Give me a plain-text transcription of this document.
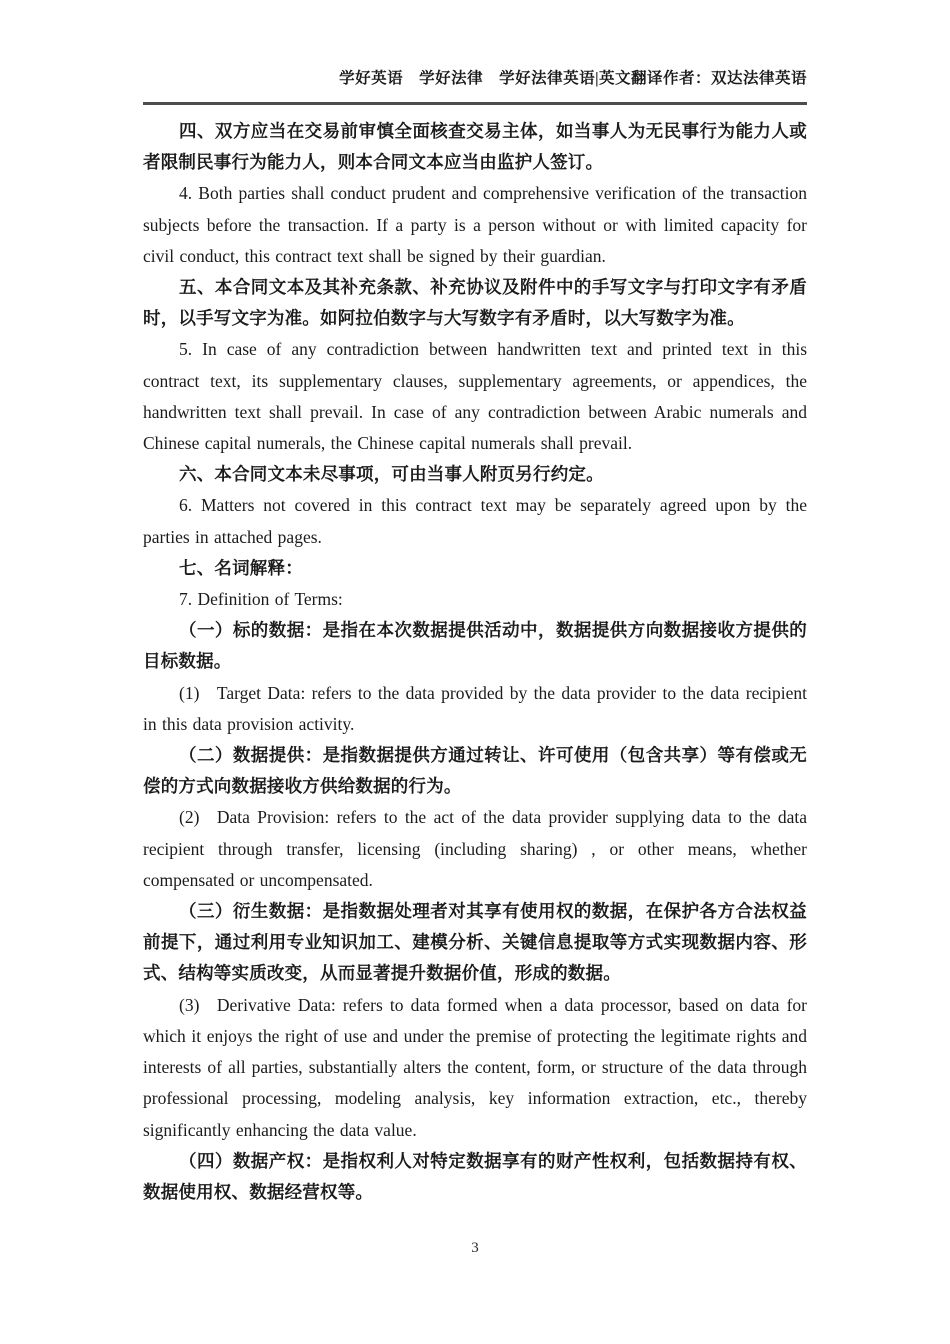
学好英语　学好法律　学好法律英语|英文翻译作者：双达法律英语

四、双方应当在交易前审慎全面核查交易主体，如当事人为无民事行为能力人或者限制民事行为能力人，则本合同文本应当由监护人签订。

4. Both parties shall conduct prudent and comprehensive verification of the transaction subjects before the transaction. If a party is a person without or with limited capacity for civil conduct, this contract text shall be signed by their guardian.

五、本合同文本及其补充条款、补充协议及附件中的手写文字与打印文字有矛盾时，以手写文字为准。如阿拉伯数字与大写数字有矛盾时，以大写数字为准。

5. In case of any contradiction between handwritten text and printed text in this contract text, its supplementary clauses, supplementary agreements, or appendices, the handwritten text shall prevail. In case of any contradiction between Arabic numerals and Chinese capital numerals, the Chinese capital numerals shall prevail.

六、本合同文本未尽事项，可由当事人附页另行约定。

6. Matters not covered in this contract text may be separately agreed upon by the parties in attached pages.

七、名词解释：

7. Definition of Terms:

（一）标的数据：是指在本次数据提供活动中，数据提供方向数据接收方提供的目标数据。

(1) Target Data: refers to the data provided by the data provider to the data recipient in this data provision activity.

（二）数据提供：是指数据提供方通过转让、许可使用（包含共享）等有偿或无偿的方式向数据接收方供给数据的行为。

(2) Data Provision: refers to the act of the data provider supplying data to the data recipient through transfer, licensing (including sharing) , or other means, whether compensated or uncompensated.

（三）衍生数据：是指数据处理者对其享有使用权的数据，在保护各方合法权益前提下，通过利用专业知识加工、建模分析、关键信息提取等方式实现数据内容、形式、结构等实质改变，从而显著提升数据价值，形成的数据。

(3) Derivative Data: refers to data formed when a data processor, based on data for which it enjoys the right of use and under the premise of protecting the legitimate rights and interests of all parties, substantially alters the content, form, or structure of the data through professional processing, modeling analysis, key information extraction, etc., thereby significantly enhancing the data value.

（四）数据产权：是指权利人对特定数据享有的财产性权利，包括数据持有权、数据使用权、数据经营权等。

3
